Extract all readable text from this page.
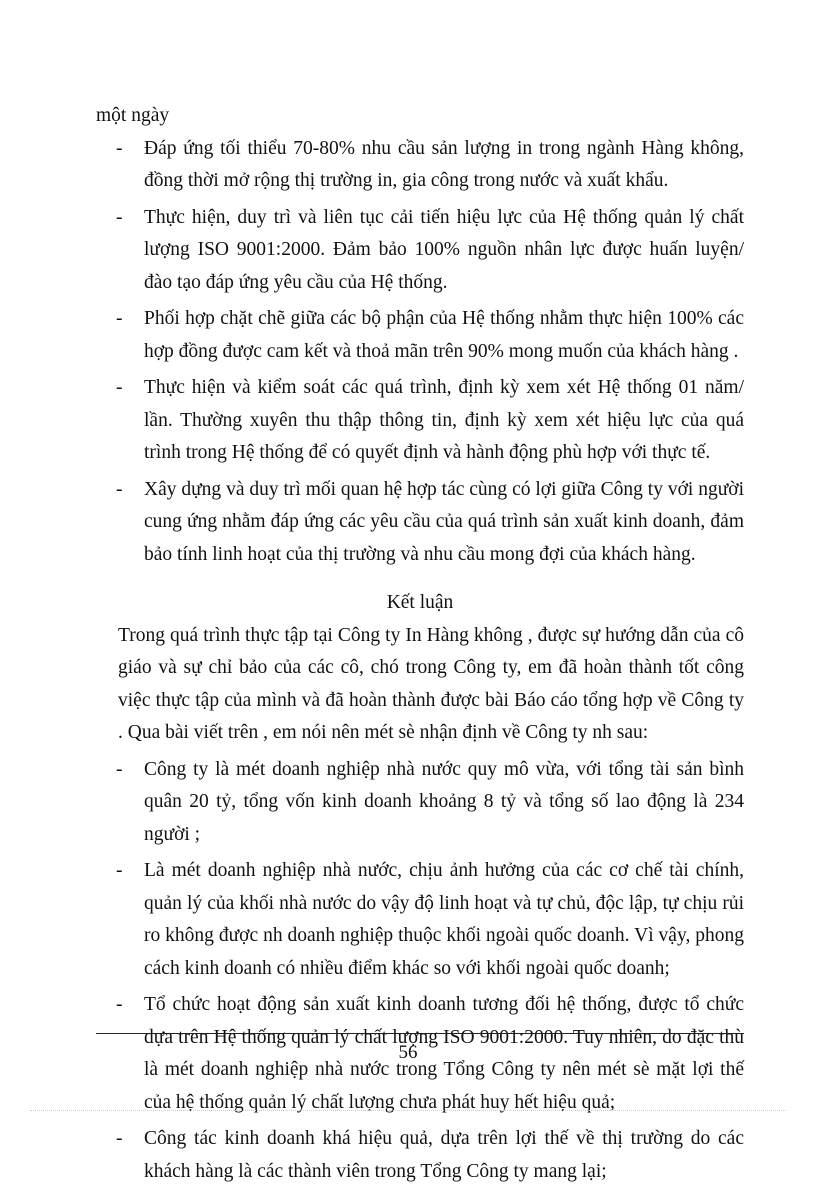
một ngày

- Đáp ứng tối thiểu 70-80% nhu cầu sản lượng in trong ngành Hàng không, đồng thời mở rộng thị trường in, gia công trong nước và xuất khẩu.
- Thực hiện, duy trì và liên tục cải tiến hiệu lực của Hệ thống quản lý chất lượng ISO 9001:2000. Đảm bảo 100% nguồn nhân lực được huấn luyện/ đào tạo đáp ứng yêu cầu của Hệ thống.
- Phối hợp chặt chẽ giữa các bộ phận của Hệ thống nhằm thực hiện 100% các hợp đồng được cam kết và thoả mãn trên 90% mong muốn của khách hàng .
- Thực hiện và kiểm soát các quá trình, định kỳ xem xét Hệ thống 01 năm/ lần. Thường xuyên thu thập thông tin, định kỳ xem xét hiệu lực của quá trình trong Hệ thống để có quyết định và hành động phù hợp với thực tế.
- Xây dựng và duy trì mối quan hệ hợp tác cùng có lợi giữa Công ty với người cung ứng nhằm đáp ứng các yêu cầu của quá trình sản xuất kinh doanh, đảm bảo tính linh hoạt của thị trường và nhu cầu mong đợi của khách hàng.

Kết luận

Trong quá trình thực tập tại Công ty In Hàng không , được sự hướng dẫn của cô giáo và sự chỉ bảo của các cô, chó trong Công ty, em đã hoàn thành tốt công việc thực tập của mình và đã hoàn thành được bài Báo cáo tổng hợp về Công ty . Qua bài viết trên , em nói nên mét sè nhận định về Công ty nh sau:

- Công ty là mét doanh nghiệp nhà nước quy mô vừa, với tổng tài sản bình quân 20 tỷ, tổng vốn kinh doanh khoảng 8 tỷ và tổng số lao động là 234 người ;
- Là mét doanh nghiệp nhà nước, chịu ảnh hưởng của các cơ chế tài chính, quản lý của khối nhà nước do vậy độ linh hoạt và tự chủ, độc lập, tự chịu rủi ro không được nh doanh nghiệp thuộc khối ngoài quốc doanh. Vì vậy, phong cách kinh doanh có nhiều điểm khác so với khối ngoài quốc doanh;
- Tổ chức hoạt động sản xuất kinh doanh tương đối hệ thống, được tổ chức dựa trên Hệ thống quản lý chất lượng ISO 9001:2000. Tuy nhiên, do đặc thù là mét doanh nghiệp nhà nước trong Tổng Công ty nên mét sè mặt lợi thế của hệ thống quản lý chất lượng chưa phát huy hết hiệu quả;
- Công tác kinh doanh khá hiệu quả, dựa trên lợi thế về thị trường do các khách hàng là các thành viên trong Tổng Công ty mang lại;
56
